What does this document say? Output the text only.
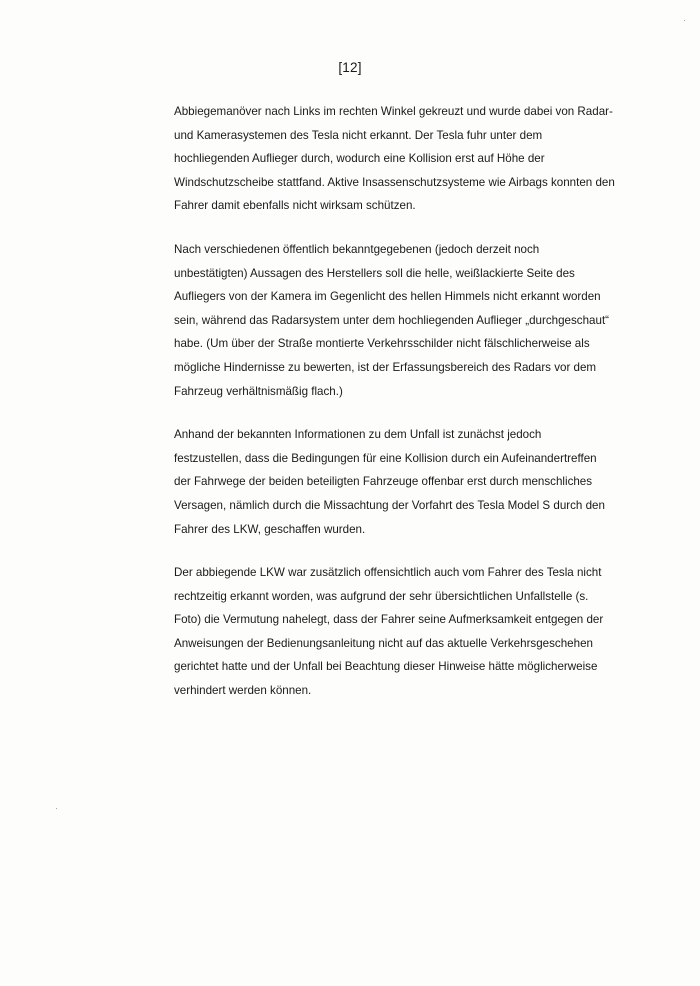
[12]

Abbiegemanöver nach Links im rechten Winkel gekreuzt und wurde dabei von Radar-
und Kamerasystemen des Tesla nicht erkannt. Der Tesla fuhr unter dem
hochliegenden Auflieger durch, wodurch eine Kollision erst auf Höhe der
Windschutzscheibe stattfand. Aktive Insassenschutzsysteme wie Airbags konnten den
Fahrer damit ebenfalls nicht wirksam schützen.

Nach verschiedenen öffentlich bekanntgegebenen (jedoch derzeit noch
unbestätigten) Aussagen des Herstellers soll die helle, weißlackierte Seite des
Aufliegers von der Kamera im Gegenlicht des hellen Himmels nicht erkannt worden
sein, während das Radarsystem unter dem hochliegenden Auflieger „durchgeschaut“
habe. (Um über der Straße montierte Verkehrsschilder nicht fälschlicherweise als
mögliche Hindernisse zu bewerten, ist der Erfassungsbereich des Radars vor dem
Fahrzeug verhältnismäßig flach.)

Anhand der bekannten Informationen zu dem Unfall ist zunächst jedoch
festzustellen, dass die Bedingungen für eine Kollision durch ein Aufeinandertreffen
der Fahrwege der beiden beteiligten Fahrzeuge offenbar erst durch menschliches
Versagen, nämlich durch die Missachtung der Vorfahrt des Tesla Model S durch den
Fahrer des LKW, geschaffen wurden.

Der abbiegende LKW war zusätzlich offensichtlich auch vom Fahrer des Tesla nicht
rechtzeitig erkannt worden, was aufgrund der sehr übersichtlichen Unfallstelle (s.
Foto) die Vermutung nahelegt, dass der Fahrer seine Aufmerksamkeit entgegen der
Anweisungen der Bedienungsanleitung nicht auf das aktuelle Verkehrsgeschehen
gerichtet hatte und der Unfall bei Beachtung dieser Hinweise hätte möglicherweise
verhindert werden können.
